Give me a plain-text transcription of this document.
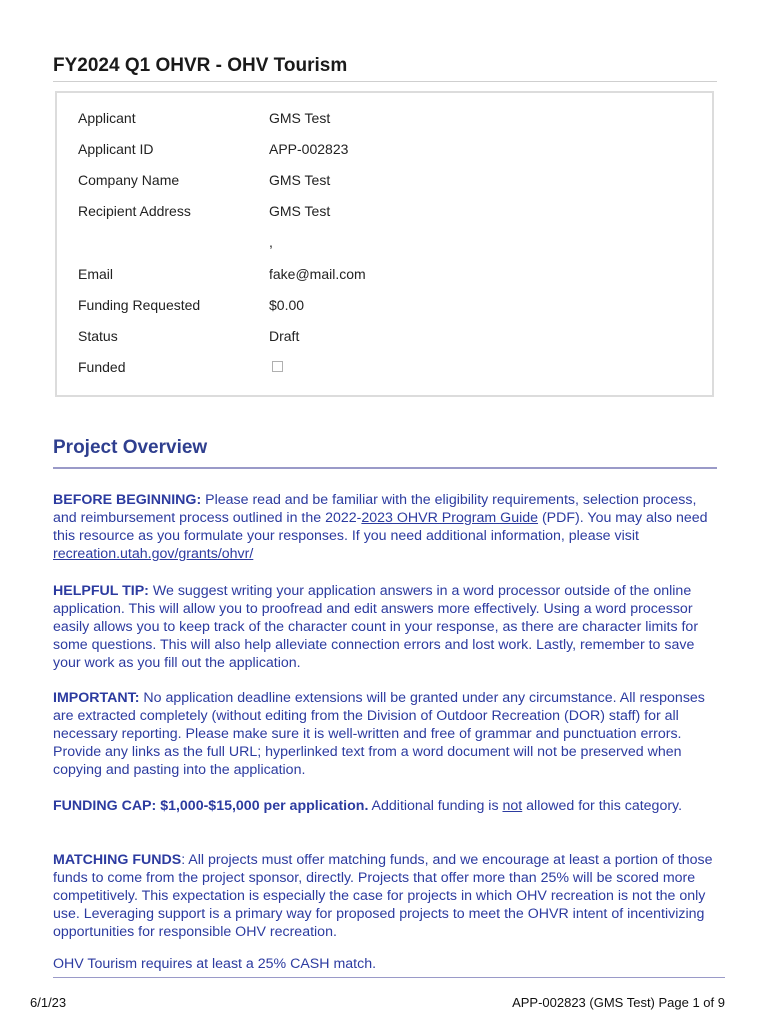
FY2024 Q1 OHVR - OHV Tourism
Applicant	GMS Test
Applicant ID	APP-002823
Company Name	GMS Test
Recipient Address	GMS Test
,
Email	fake@mail.com
Funding Requested	$0.00
Status	Draft
Funded
Project Overview
BEFORE BEGINNING: Please read and be familiar with the eligibility requirements, selection process, and reimbursement process outlined in the 2022-2023 OHVR Program Guide (PDF). You may also need this resource as you formulate your responses. If you need additional information, please visit recreation.utah.gov/grants/ohvr/
HELPFUL TIP: We suggest writing your application answers in a word processor outside of the online application. This will allow you to proofread and edit answers more effectively. Using a word processor easily allows you to keep track of the character count in your response, as there are character limits for some questions. This will also help alleviate connection errors and lost work. Lastly, remember to save your work as you fill out the application.
IMPORTANT: No application deadline extensions will be granted under any circumstance. All responses are extracted completely (without editing from the Division of Outdoor Recreation (DOR) staff) for all necessary reporting. Please make sure it is well-written and free of grammar and punctuation errors. Provide any links as the full URL; hyperlinked text from a word document will not be preserved when copying and pasting into the application.
FUNDING CAP: $1,000-$15,000 per application. Additional funding is not allowed for this category.
MATCHING FUNDS: All projects must offer matching funds, and we encourage at least a portion of those funds to come from the project sponsor, directly. Projects that offer more than 25% will be scored more competitively. This expectation is especially the case for projects in which OHV recreation is not the only use. Leveraging support is a primary way for proposed projects to meet the OHVR intent of incentivizing opportunities for responsible OHV recreation.
OHV Tourism requires at least a 25% CASH match.
6/1/23	APP-002823 (GMS Test) Page 1 of 9
